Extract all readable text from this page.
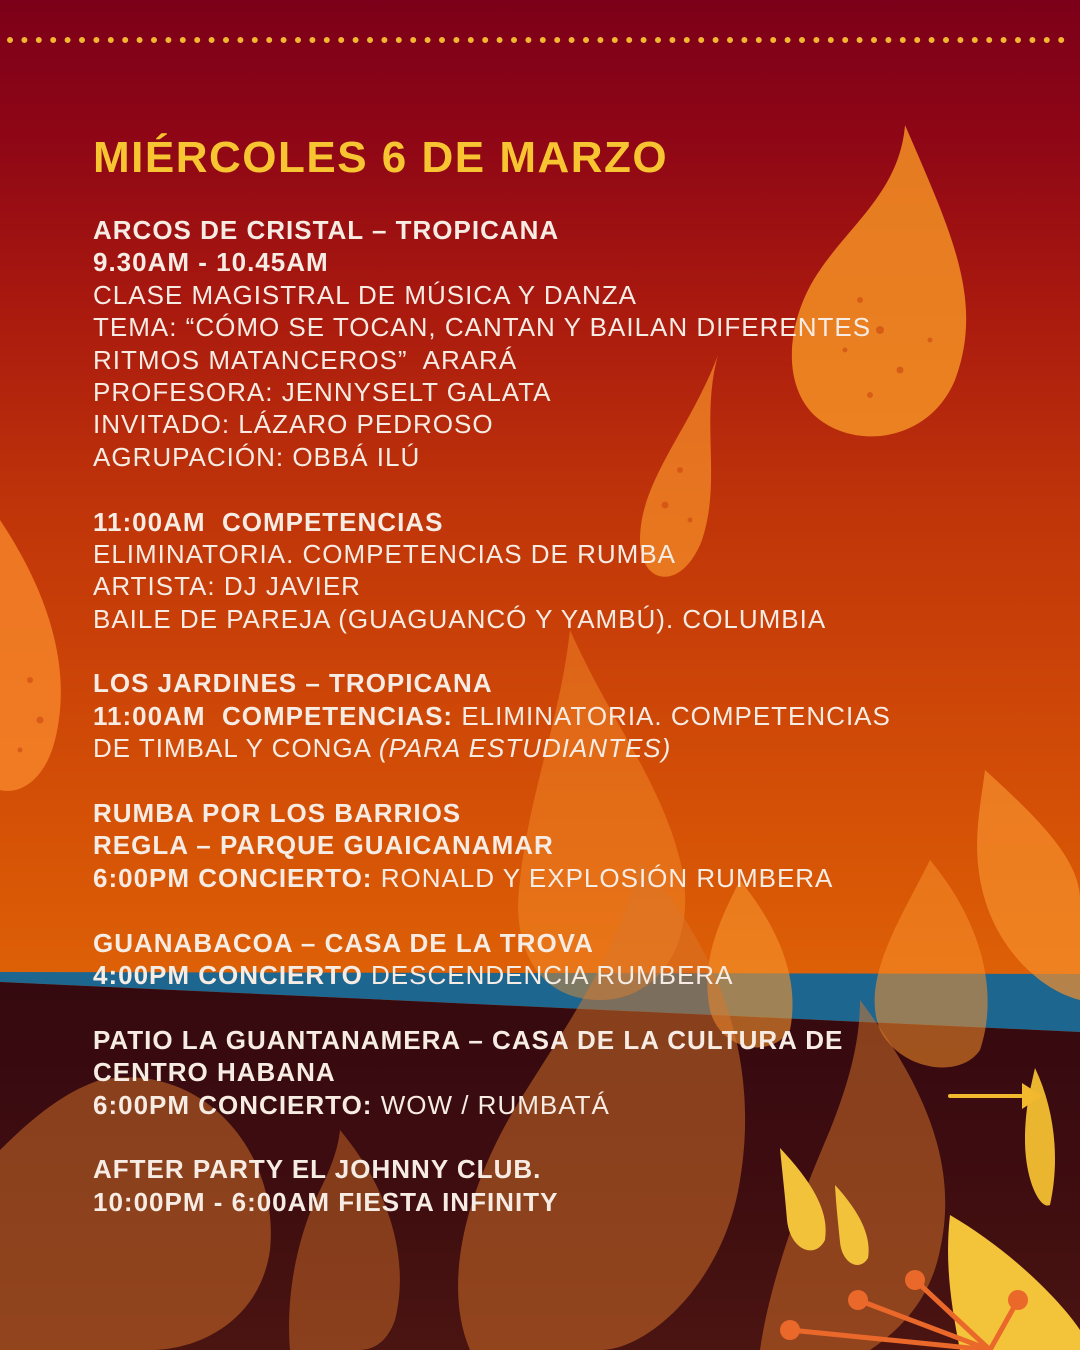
MIÉRCOLES 6 DE MARZO
ARCOS DE CRISTAL – TROPICANA
9.30AM - 10.45AM
CLASE MAGISTRAL DE MÚSICA Y DANZA
TEMA: “CÓMO SE TOCAN, CANTAN Y BAILAN DIFERENTES
RITMOS MATANCEROS”  ARARÁ
PROFESORA: JENNYSELT GALATA
INVITADO: LÁZARO PEDROSO
AGRUPACIÓN: OBBÁ ILÚ
11:00AM  COMPETENCIAS
ELIMINATORIA. COMPETENCIAS DE RUMBA
ARTISTA: DJ JAVIER
BAILE DE PAREJA (GUAGUANCÓ Y YAMBÚ). COLUMBIA
LOS JARDINES – TROPICANA
11:00AM  COMPETENCIAS: ELIMINATORIA. COMPETENCIAS
DE TIMBAL Y CONGA (PARA ESTUDIANTES)
RUMBA POR LOS BARRIOS
REGLA – PARQUE GUAICANAMAR
6:00PM CONCIERTO: RONALD Y EXPLOSIÓN RUMBERA
GUANABACOA – CASA DE LA TROVA
4:00PM CONCIERTO DESCENDENCIA RUMBERA
PATIO LA GUANTANAMERA – CASA DE LA CULTURA DE
CENTRO HABANA
6:00PM CONCIERTO: WOW / RUMBATÁ
AFTER PARTY EL JOHNNY CLUB.
10:00PM - 6:00AM FIESTA INFINITY
